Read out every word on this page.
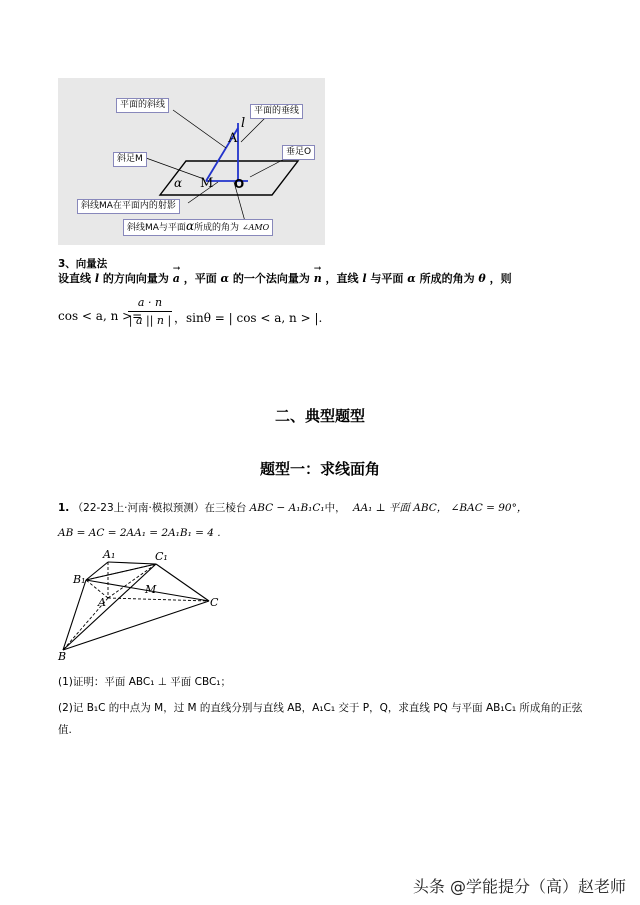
平面的斜线
平面的垂线
斜足M
垂足O
斜线MA在平面内的射影
斜线MA与平面α所成的角为 ∠AMO
A
l
M O
α
3、向量法
设直线 l 的方向向量为
→
a ，平面 α 的一个法向量为
→
n ，直线 l 与平面 α 所成的角为 θ ，则
cos < a, n >=
a · n
| a || n | ，sinθ = | cos < a, n > |.
二、典型题型
题型一：求线面角
1. （22-23上·河南·模拟预测）在三棱台 ABC − A₁B₁C₁中， AA₁ ⊥ 平面 ABC， ∠BAC = 90°，
AB = AC = 2AA₁ = 2A₁B₁ = 4 .
A₁	C₁
B₁
A
M
C
B
(1)证明：平面 ABC₁ ⊥ 平面 CBC₁；
(2)记 B₁C 的中点为 M，过 M 的直线分别与直线 AB，A₁C₁ 交于 P，Q，求直线 PQ 与平面 AB₁C₁ 所成角的正弦
值.
头条 @学能提分（高）赵老师
